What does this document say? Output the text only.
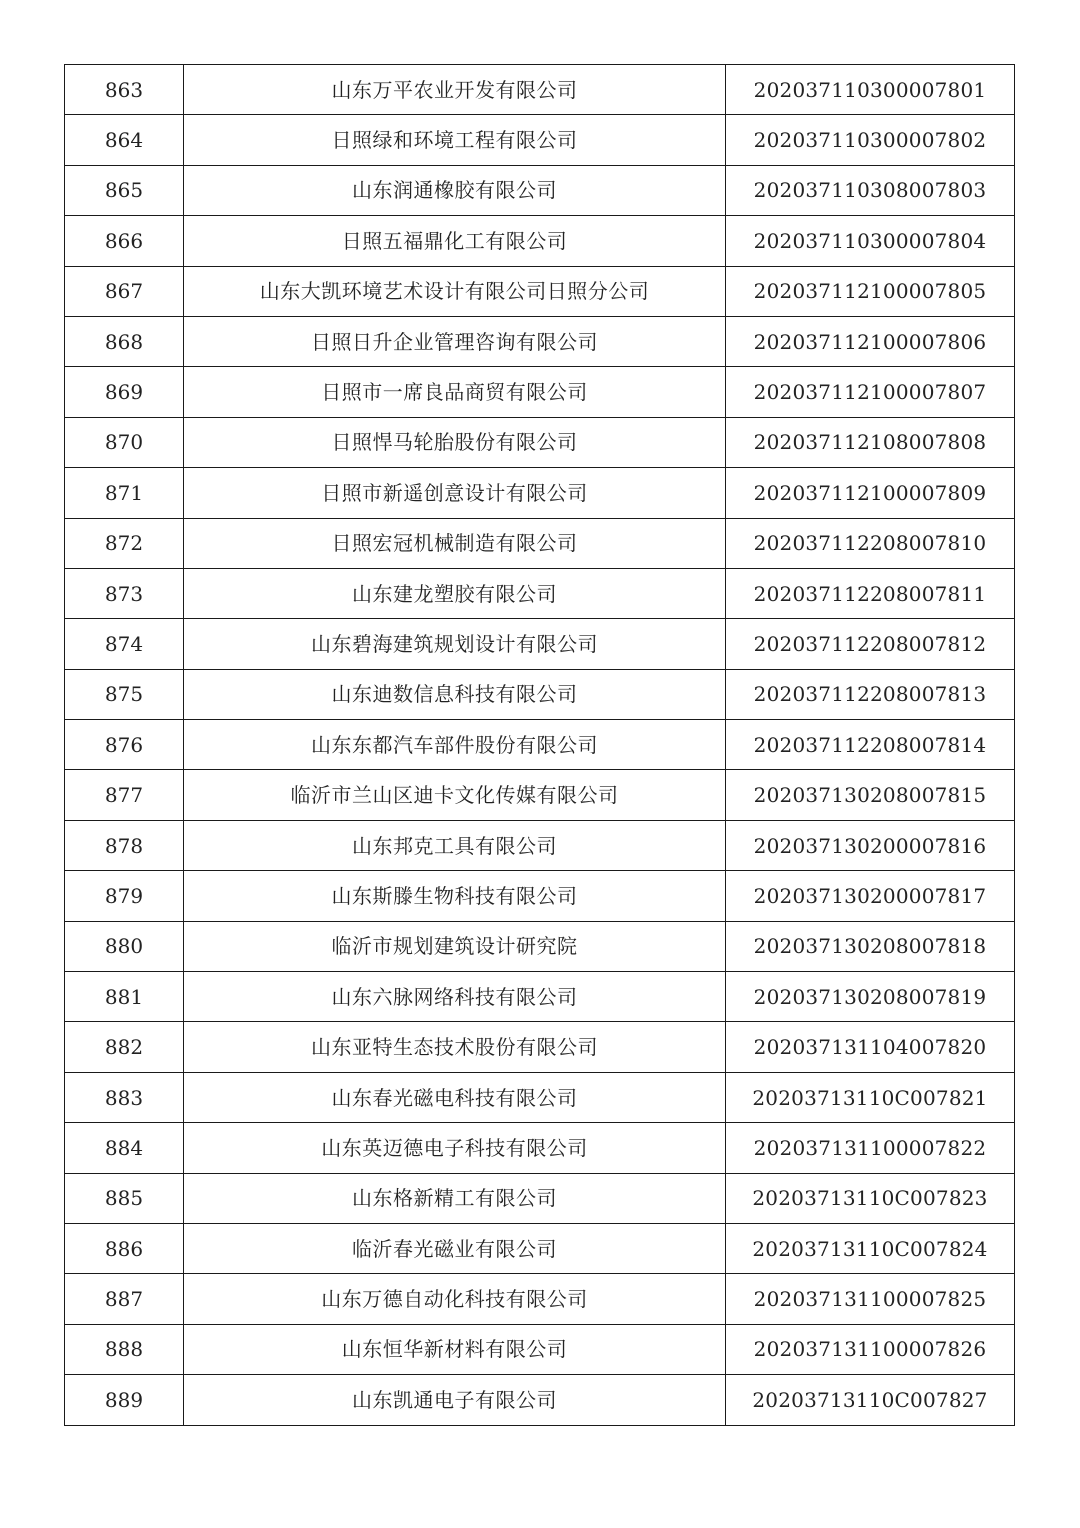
863	山东万平农业开发有限公司	202037110300007801
864	日照绿和环境工程有限公司	202037110300007802
865	山东润通橡胶有限公司	202037110308007803
866	日照五福鼎化工有限公司	202037110300007804
867	山东大凯环境艺术设计有限公司日照分公司	202037112100007805
868	日照日升企业管理咨询有限公司	202037112100007806
869	日照市一席良品商贸有限公司	202037112100007807
870	日照悍马轮胎股份有限公司	202037112108007808
871	日照市新遥创意设计有限公司	202037112100007809
872	日照宏冠机械制造有限公司	202037112208007810
873	山东建龙塑胶有限公司	202037112208007811
874	山东碧海建筑规划设计有限公司	202037112208007812
875	山东迪数信息科技有限公司	202037112208007813
876	山东东都汽车部件股份有限公司	202037112208007814
877	临沂市兰山区迪卡文化传媒有限公司	202037130208007815
878	山东邦克工具有限公司	202037130200007816
879	山东斯滕生物科技有限公司	202037130200007817
880	临沂市规划建筑设计研究院	202037130208007818
881	山东六脉网络科技有限公司	202037130208007819
882	山东亚特生态技术股份有限公司	202037131104007820
883	山东春光磁电科技有限公司	20203713110C007821
884	山东英迈德电子科技有限公司	202037131100007822
885	山东格新精工有限公司	20203713110C007823
886	临沂春光磁业有限公司	20203713110C007824
887	山东万德自动化科技有限公司	202037131100007825
888	山东恒华新材料有限公司	202037131100007826
889	山东凯通电子有限公司	20203713110C007827
